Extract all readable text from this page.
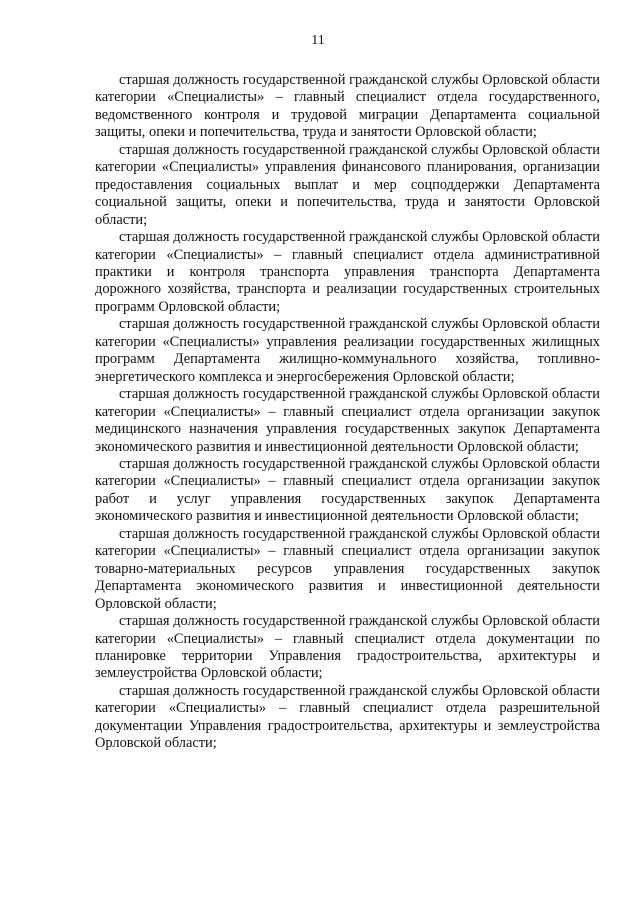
11

старшая должность государственной гражданской службы Орловской области категории «Специалисты» – главный специалист отдела государственного, ведомственного контроля и трудовой миграции Департамента социальной защиты, опеки и попечительства, труда и занятости Орловской области;

старшая должность государственной гражданской службы Орловской области категории «Специалисты» управления финансового планирования, организации предоставления социальных выплат и мер соцподдержки Департамента социальной защиты, опеки и попечительства, труда и занятости Орловской области;

старшая должность государственной гражданской службы Орловской области категории «Специалисты» – главный специалист отдела административной практики и контроля транспорта управления транспорта Департамента дорожного хозяйства, транспорта и реализации государственных строительных программ Орловской области;

старшая должность государственной гражданской службы Орловской области категории «Специалисты» управления реализации государственных жилищных программ Департамента жилищно-коммунального хозяйства, топливно-энергетического комплекса и энергосбережения Орловской области;

старшая должность государственной гражданской службы Орловской области категории «Специалисты» – главный специалист отдела организации закупок медицинского назначения управления государственных закупок Департамента экономического развития и инвестиционной деятельности Орловской области;

старшая должность государственной гражданской службы Орловской области категории «Специалисты» – главный специалист отдела организации закупок работ и услуг управления государственных закупок Департамента экономического развития и инвестиционной деятельности Орловской области;

старшая должность государственной гражданской службы Орловской области категории «Специалисты» – главный специалист отдела организации закупок товарно-материальных ресурсов управления государственных закупок Департамента экономического развития и инвестиционной деятельности Орловской области;

старшая должность государственной гражданской службы Орловской области категории «Специалисты» – главный специалист отдела документации по планировке территории Управления градостроительства, архитектуры и землеустройства Орловской области;

старшая должность государственной гражданской службы Орловской области категории «Специалисты» – главный специалист отдела разрешительной документации Управления градостроительства, архитектуры и землеустройства Орловской области;
